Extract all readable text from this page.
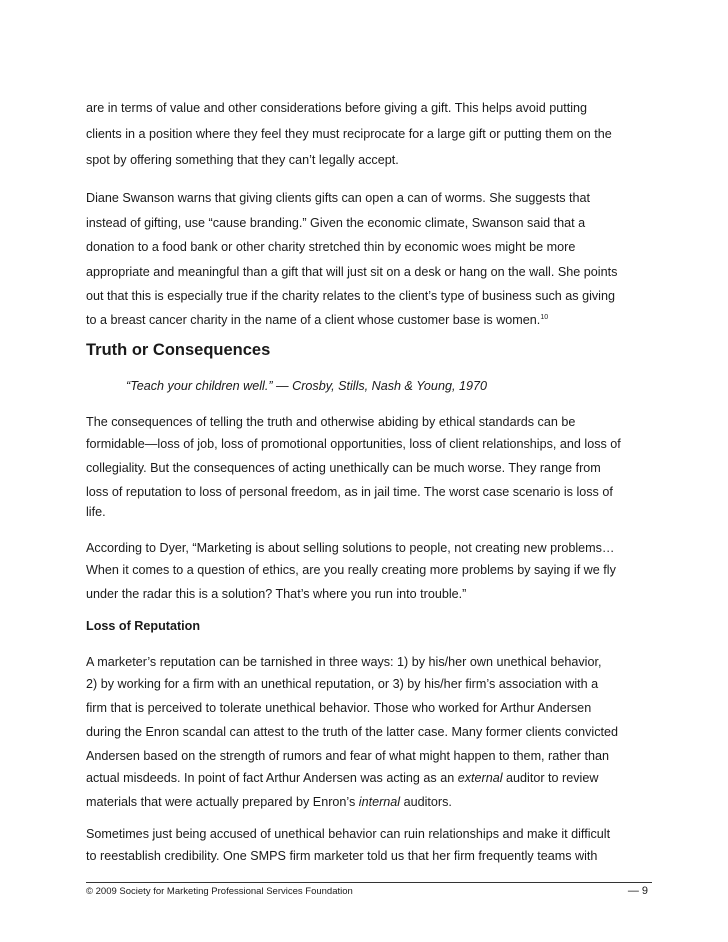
are in terms of value and other considerations before giving a gift. This helps avoid putting
clients in a position where they feel they must reciprocate for a large gift or putting them on the
spot by offering something that they can’t legally accept.
Diane Swanson warns that giving clients gifts can open a can of worms. She suggests that
instead of gifting, use “cause branding.” Given the economic climate, Swanson said that a
donation to a food bank or other charity stretched thin by economic woes might be more
appropriate and meaningful than a gift that will just sit on a desk or hang on the wall. She points
out that this is especially true if the charity relates to the client’s type of business such as giving
to a breast cancer charity in the name of a client whose customer base is women.$^{10}$
Truth or Consequences
“Teach your children well.” — Crosby, Stills, Nash & Young, 1970
The consequences of telling the truth and otherwise abiding by ethical standards can be
formidable—loss of job, loss of promotional opportunities, loss of client relationships, and loss of
collegiality. But the consequences of acting unethically can be much worse. They range from
loss of reputation to loss of personal freedom, as in jail time. The worst case scenario is loss of
life.
According to Dyer, “Marketing is about selling solutions to people, not creating new problems…
When it comes to a question of ethics, are you really creating more problems by saying if we fly
under the radar this is a solution? That’s where you run into trouble.”
Loss of Reputation
A marketer’s reputation can be tarnished in three ways: 1) by his/her own unethical behavior,
2) by working for a firm with an unethical reputation, or 3) by his/her firm’s association with a
firm that is perceived to tolerate unethical behavior. Those who worked for Arthur Andersen
during the Enron scandal can attest to the truth of the latter case. Many former clients convicted
Andersen based on the strength of rumors and fear of what might happen to them, rather than
actual misdeeds. In point of fact Arthur Andersen was acting as an external auditor to review
materials that were actually prepared by Enron’s internal auditors.
Sometimes just being accused of unethical behavior can ruin relationships and make it difficult
to reestablish credibility. One SMPS firm marketer told us that her firm frequently teams with
© 2009 Society for Marketing Professional Services Foundation	— 9
